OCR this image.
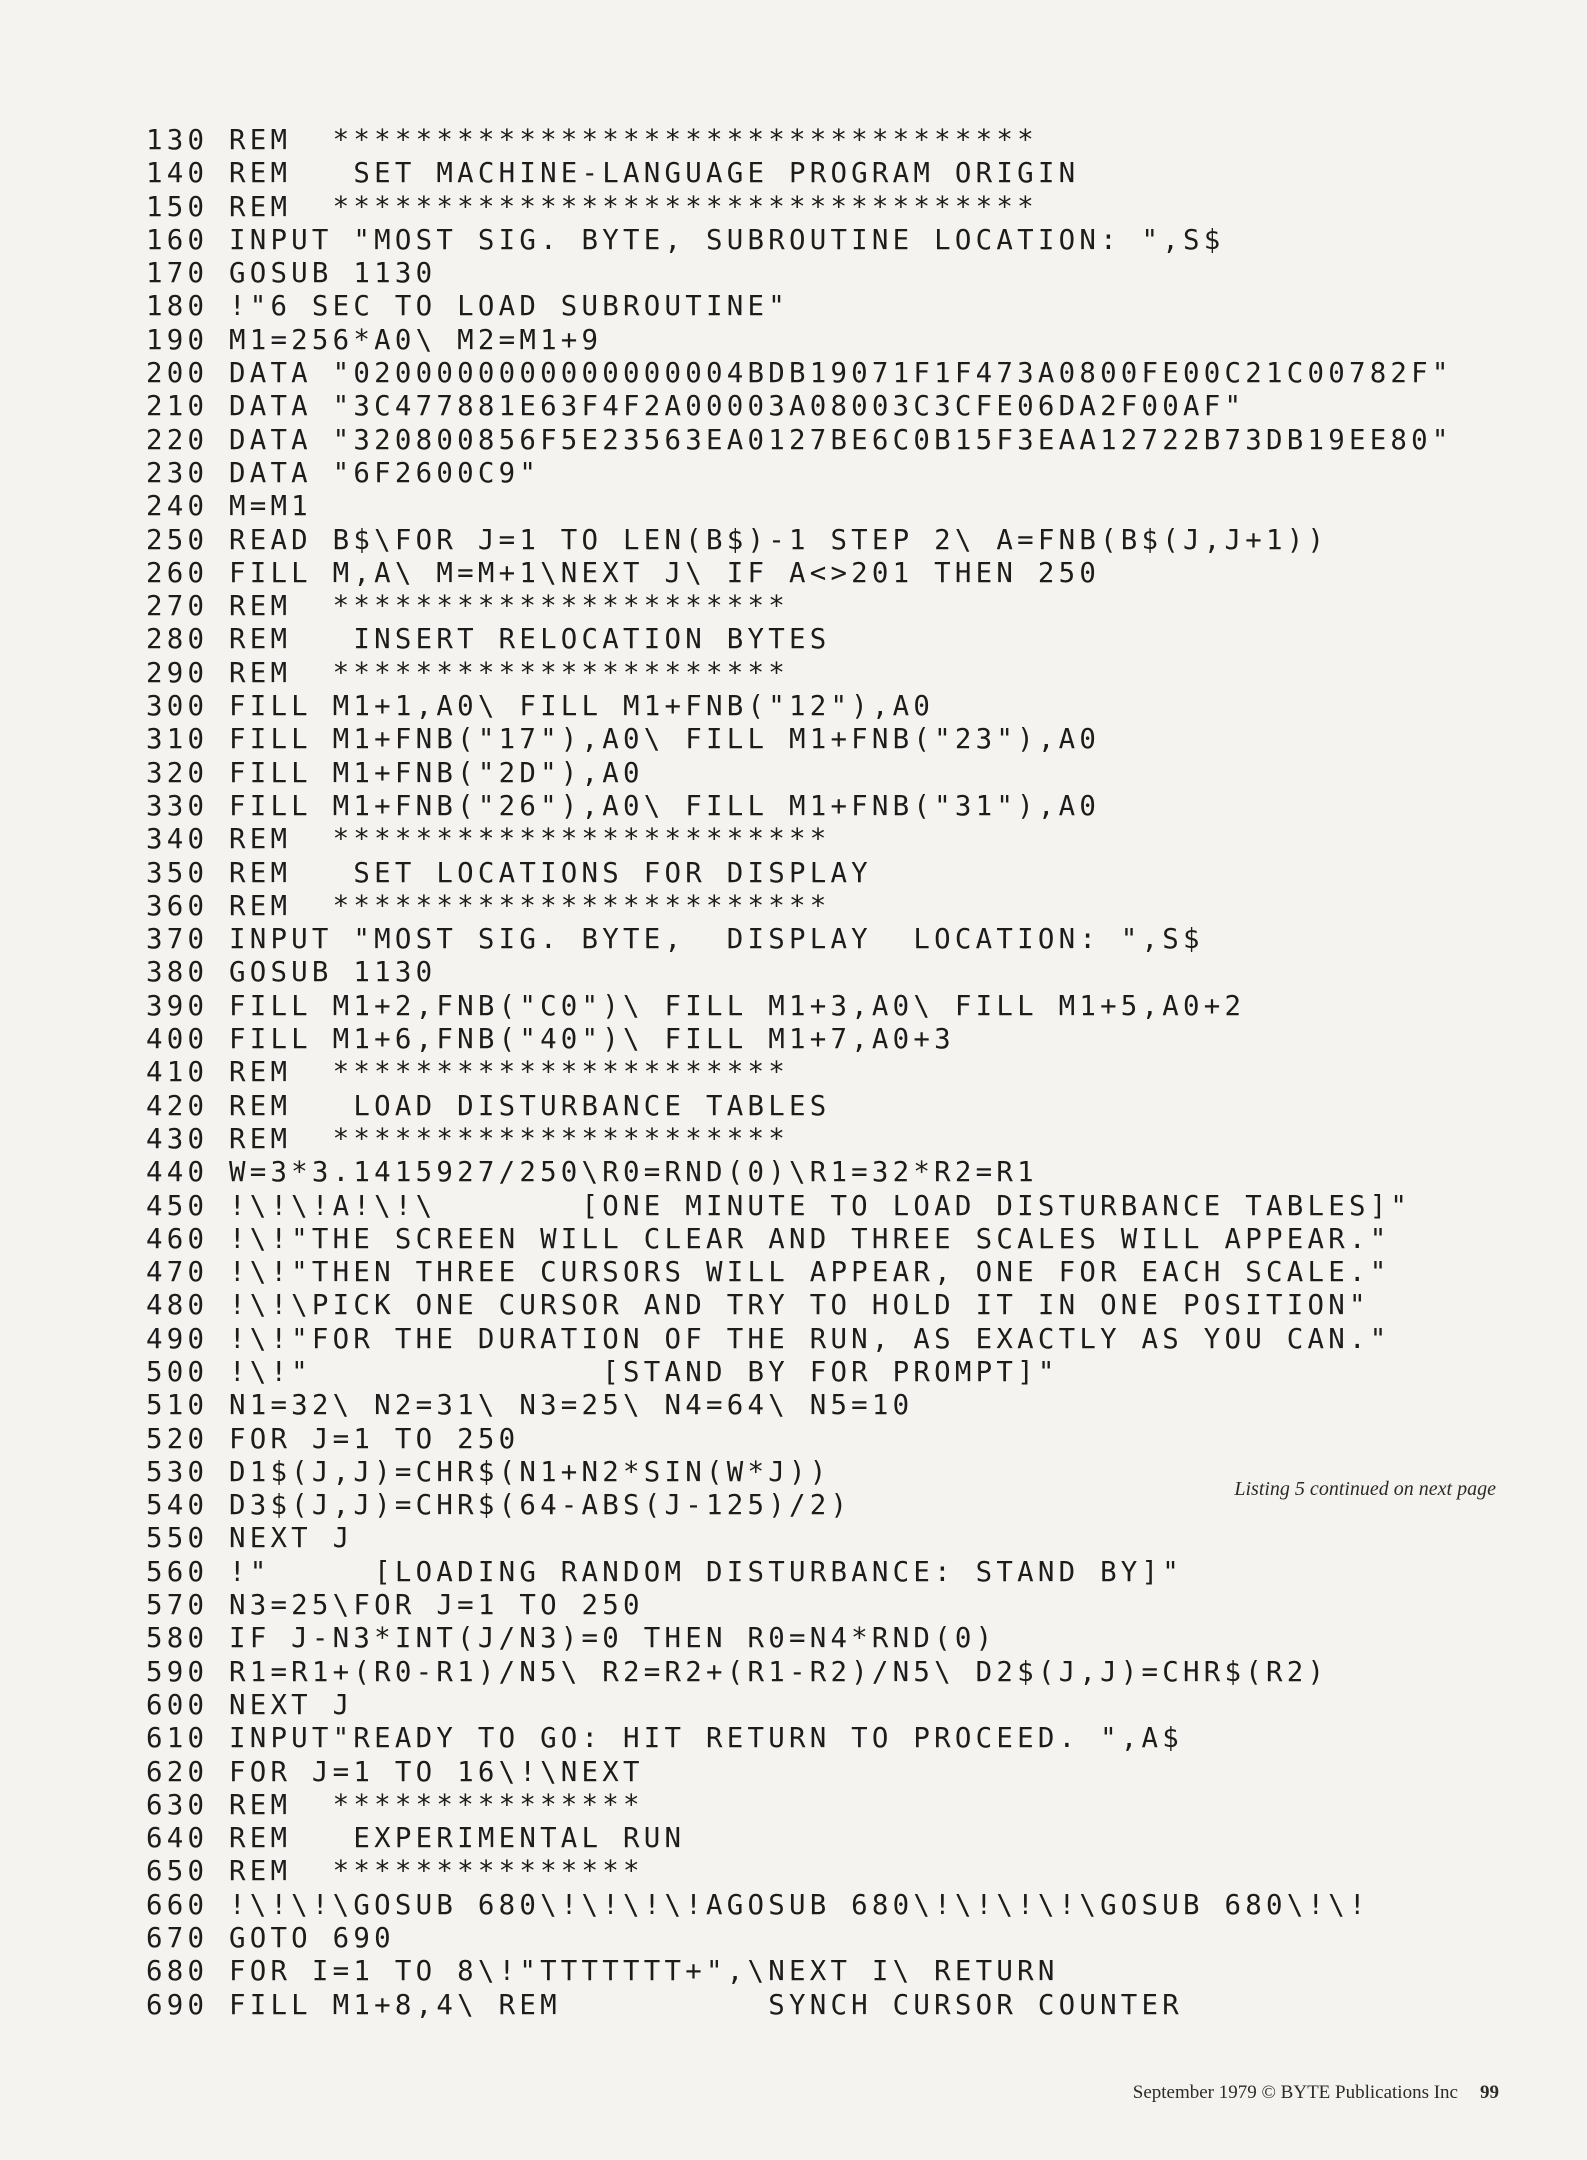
130 REM  **********************************
140 REM   SET MACHINE-LANGUAGE PROGRAM ORIGIN
150 REM  **********************************
160 INPUT "MOST SIG. BYTE, SUBROUTINE LOCATION: ",S$
170 GOSUB 1130
180 !"6 SEC TO LOAD SUBROUTINE"
190 M1=256*A0\ M2=M1+9
200 DATA "0200000000000000004BDB19071F1F473A0800FE00C21C00782F"
210 DATA "3C477881E63F4F2A00003A08003C3CFE06DA2F00AF"
220 DATA "320800856F5E23563EA0127BE6C0B15F3EAA12722B73DB19EE80"
230 DATA "6F2600C9"
240 M=M1
250 READ B$\FOR J=1 TO LEN(B$)-1 STEP 2\ A=FNB(B$(J,J+1))
260 FILL M,A\ M=M+1\NEXT J\ IF A<>201 THEN 250
270 REM  **********************
280 REM   INSERT RELOCATION BYTES
290 REM  **********************
300 FILL M1+1,A0\ FILL M1+FNB("12"),A0
310 FILL M1+FNB("17"),A0\ FILL M1+FNB("23"),A0
320 FILL M1+FNB("2D"),A0
330 FILL M1+FNB("26"),A0\ FILL M1+FNB("31"),A0
340 REM  ************************
350 REM   SET LOCATIONS FOR DISPLAY
360 REM  ************************
370 INPUT "MOST SIG. BYTE,  DISPLAY  LOCATION: ",S$
380 GOSUB 1130
390 FILL M1+2,FNB("C0")\ FILL M1+3,A0\ FILL M1+5,A0+2
400 FILL M1+6,FNB("40")\ FILL M1+7,A0+3
410 REM  **********************
420 REM   LOAD DISTURBANCE TABLES
430 REM  **********************
440 W=3*3.1415927/250\R0=RND(0)\R1=32*R2=R1
450 !\!\!A!\!\       [ONE MINUTE TO LOAD DISTURBANCE TABLES]"
460 !\!"THE SCREEN WILL CLEAR AND THREE SCALES WILL APPEAR."
470 !\!"THEN THREE CURSORS WILL APPEAR, ONE FOR EACH SCALE."
480 !\!\PICK ONE CURSOR AND TRY TO HOLD IT IN ONE POSITION"
490 !\!"FOR THE DURATION OF THE RUN, AS EXACTLY AS YOU CAN."
500 !\!"              [STAND BY FOR PROMPT]"
510 N1=32\ N2=31\ N3=25\ N4=64\ N5=10
520 FOR J=1 TO 250
530 D1$(J,J)=CHR$(N1+N2*SIN(W*J))
540 D3$(J,J)=CHR$(64-ABS(J-125)/2)
550 NEXT J
560 !"     [LOADING RANDOM DISTURBANCE: STAND BY]"
570 N3=25\FOR J=1 TO 250
580 IF J-N3*INT(J/N3)=0 THEN R0=N4*RND(0)
590 R1=R1+(R0-R1)/N5\ R2=R2+(R1-R2)/N5\ D2$(J,J)=CHR$(R2)
600 NEXT J
610 INPUT"READY TO GO: HIT RETURN TO PROCEED. ",A$
620 FOR J=1 TO 16\!\NEXT
630 REM  ***************
640 REM   EXPERIMENTAL RUN
650 REM  ***************
660 !\!\!\GOSUB 680\!\!\!\!AGOSUB 680\!\!\!\!\GOSUB 680\!\!
670 GOTO 690
680 FOR I=1 TO 8\!"TTTTTTT+",\NEXT I\ RETURN
690 FILL M1+8,4\ REM          SYNCH CURSOR COUNTER
Listing 5 continued on next page
September 1979 © BYTE Publications Inc 99
